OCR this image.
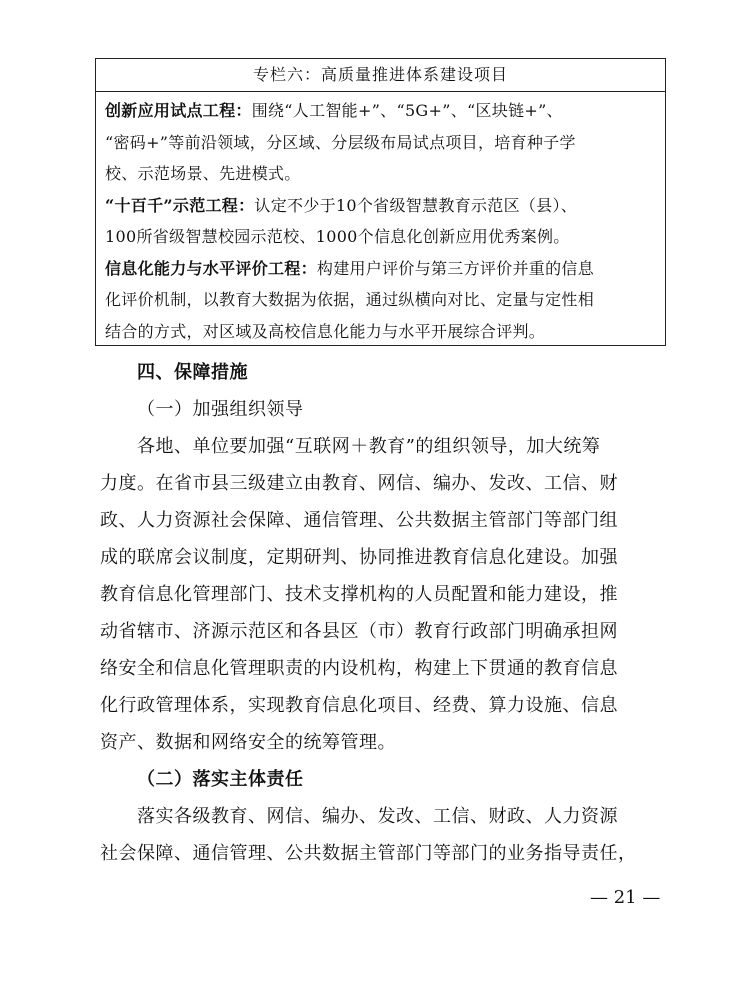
专栏六：高质量推进体系建设项目
创新应用试点工程：围绕“人工智能+”、“5G+”、“区块链+”、
“密码+”等前沿领域，分区域、分层级布局试点项目，培育种子学
校、示范场景、先进模式。
“十百千”示范工程：认定不少于10个省级智慧教育示范区（县）、
100所省级智慧校园示范校、1000个信息化创新应用优秀案例。
信息化能力与水平评价工程：构建用户评价与第三方评价并重的信息
化评价机制，以教育大数据为依据，通过纵横向对比、定量与定性相
结合的方式，对区域及高校信息化能力与水平开展综合评判。
四、保障措施
（一）加强组织领导
各地、单位要加强“互联网＋教育”的组织领导，加大统筹
力度。在省市县三级建立由教育、网信、编办、发改、工信、财
政、人力资源社会保障、通信管理、公共数据主管部门等部门组
成的联席会议制度，定期研判、协同推进教育信息化建设。加强
教育信息化管理部门、技术支撑机构的人员配置和能力建设，推
动省辖市、济源示范区和各县区（市）教育行政部门明确承担网
络安全和信息化管理职责的内设机构，构建上下贯通的教育信息
化行政管理体系，实现教育信息化项目、经费、算力设施、信息
资产、数据和网络安全的统筹管理。
（二）落实主体责任
落实各级教育、网信、编办、发改、工信、财政、人力资源
社会保障、通信管理、公共数据主管部门等部门的业务指导责任，
— 21 —
